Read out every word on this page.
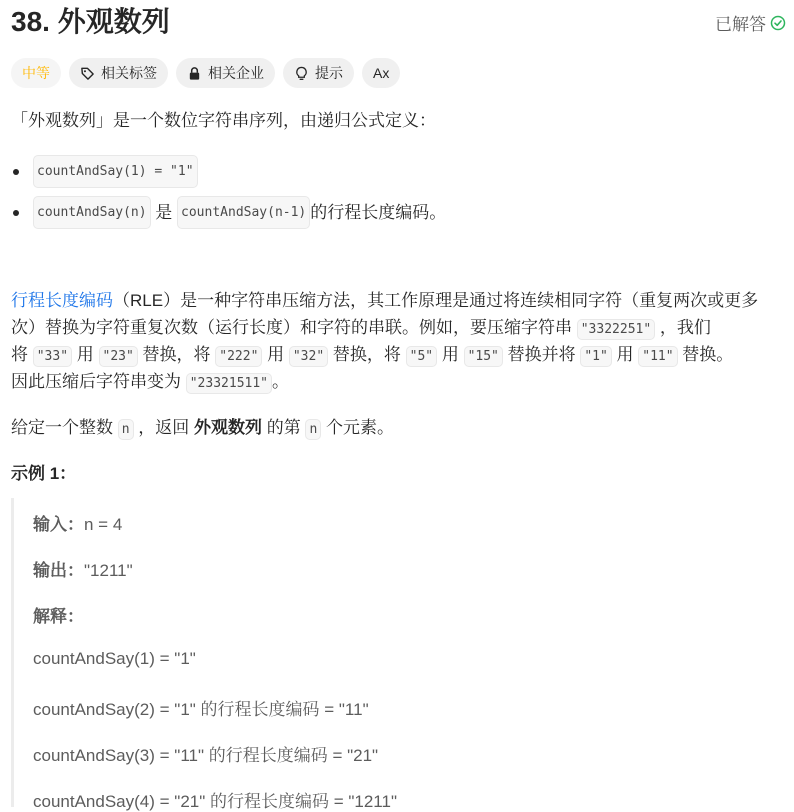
38. 外观数列	已解答
中等	相关标签	相关企业	提示 Ax
「外观数列」是一个数位字符串序列，由递归公式定义：
countAndSay(1) = "1"
countAndSay(n) 是 countAndSay(n-1) 的行程长度编码。
行程长度编码（RLE）是一种字符串压缩方法，其工作原理是通过将连续相同字符（重复两次或更多
次）替换为字符重复次数（运行长度）和字符的串联。例如，要压缩字符串 "3322251" ，我们
将 "33" 用 "23" 替换，将 "222" 用 "32" 替换，将 "5" 用 "15" 替换并将 "1" 用 "11" 替换。
因此压缩后字符串变为 "23321511" 。
给定一个整数 n ，返回 外观数列 的第 n 个元素。
示例 1：
输入：n = 4
输出："1211"
解释：
countAndSay(1) = "1"
countAndSay(2) = "1" 的行程长度编码 = "11"
countAndSay(3) = "11" 的行程长度编码 = "21"
countAndSay(4) = "21" 的行程长度编码 = "1211"
